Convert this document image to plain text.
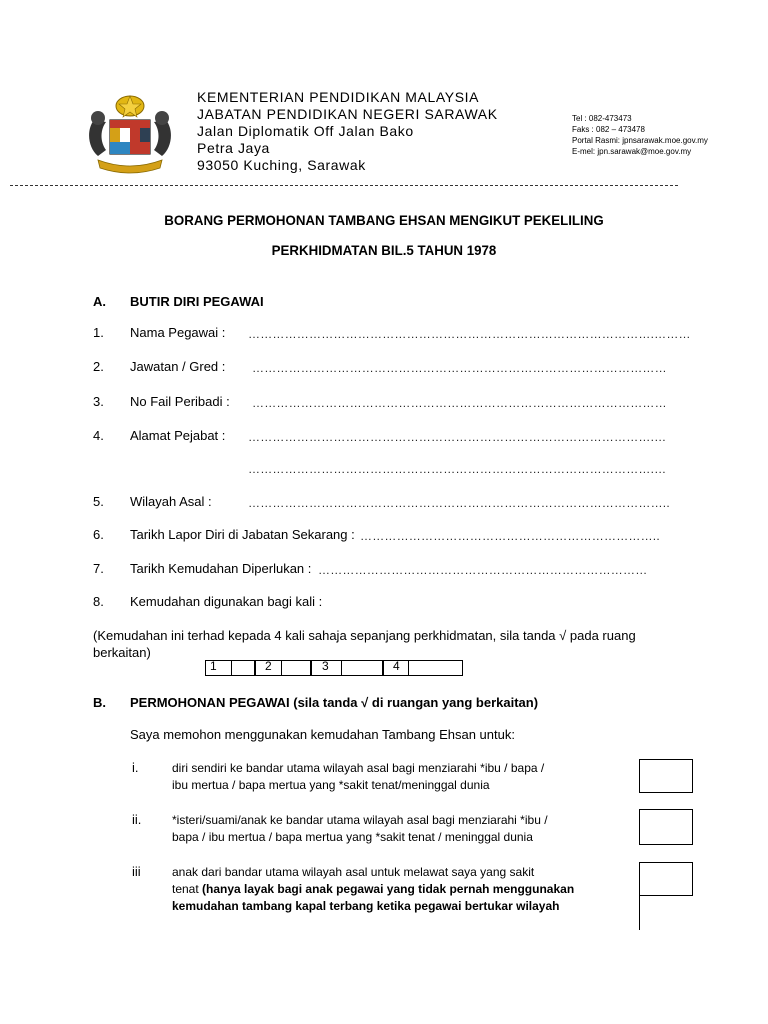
KEMENTERIAN PENDIDIKAN MALAYSIA
JABATAN PENDIDIKAN NEGERI SARAWAK
Jalan Diplomatik Off Jalan Bako
Petra Jaya
93050 Kuching, Sarawak
Tel : 082-473473
Faks : 082 – 473478
Portal Rasmi: jpnsarawak.moe.gov.my
E-mel: jpn.sarawak@moe.gov.my
BORANG PERMOHONAN TAMBANG EHSAN MENGIKUT PEKELILING
PERKHIDMATAN BIL.5 TAHUN 1978
A. BUTIR DIRI PEGAWAI
1. Nama Pegawai : ……………………………………………………………………………………….………
2. Jawatan / Gred : …………………………………………………………………………………………
3. No Fail Peribadi : …………………………………………………………………………………………
4. Alamat Pejabat : ……………………………………………………………………………………….…
……………………………………………………………………………………….…
5. Wilayah Asal :	…………………………………………………………………………………………..
6. Tarikh Lapor Diri di Jabatan Sekarang : ………………………………………………………………..
7. Tarikh Kemudahan Diperlukan : ………………………………………………………………………
8. Kemudahan digunakan bagi kali :
(Kemudahan ini terhad kepada 4 kali sahaja sepanjang perkhidmatan, sila tanda √ pada ruang
berkaitan)
1	2	3	4
B. PERMOHONAN PEGAWAI (sila tanda √ di ruangan yang berkaitan)
Saya memohon menggunakan kemudahan Tambang Ehsan untuk:
i.	diri sendiri ke bandar utama wilayah asal bagi menziarahi *ibu / bapa /
ibu mertua / bapa mertua yang *sakit tenat/meninggal dunia
ii.	*isteri/suami/anak ke bandar utama wilayah asal bagi menziarahi *ibu /
bapa / ibu mertua / bapa mertua yang *sakit tenat / meninggal dunia
iii	anak dari bandar utama wilayah asal untuk melawat saya yang sakit
tenat (hanya layak bagi anak pegawai yang tidak pernah menggunakan
kemudahan tambang kapal terbang ketika pegawai bertukar wilayah
